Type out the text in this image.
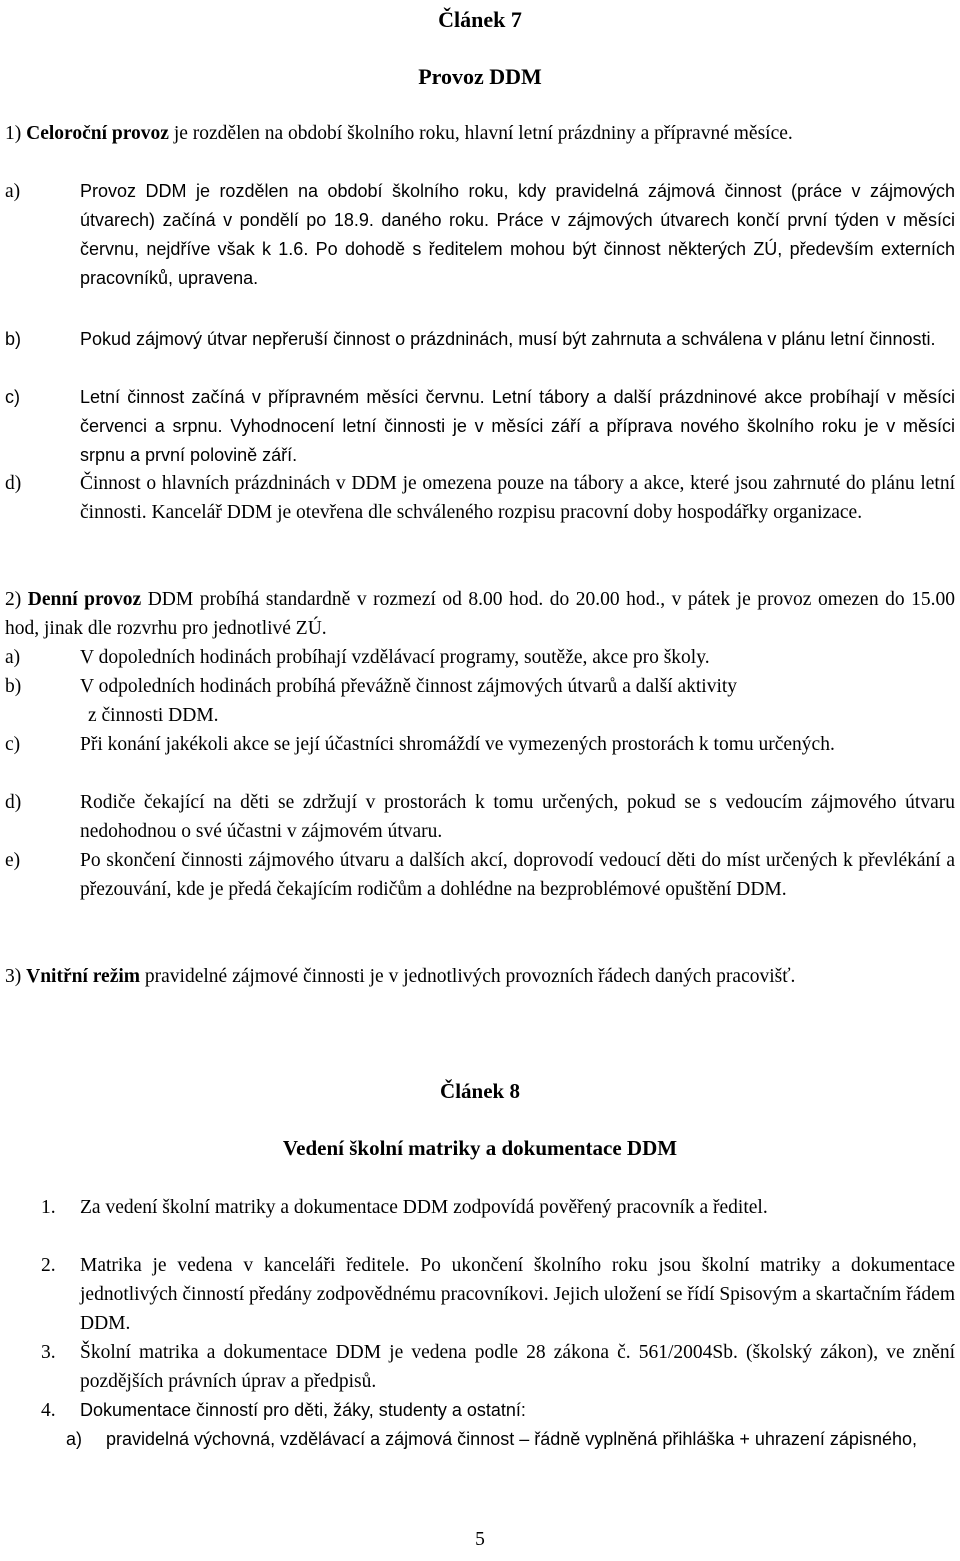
Článek 7
Provoz DDM

1) Celoroční provoz je rozdělen na období školního roku, hlavní letní prázdniny a přípravné měsíce.

a)	Provoz DDM je rozdělen na období školního roku, kdy pravidelná zájmová činnost (práce v zájmových útvarech) začíná v pondělí po 18.9. daného roku. Práce v zájmových útvarech končí první týden v měsíci červnu, nejdříve však k 1.6. Po dohodě s ředitelem mohou být činnost některých ZÚ, především externích pracovníků, upravena.
b)	Pokud zájmový útvar nepřeruší činnost o prázdninách, musí být zahrnuta a schválena v plánu letní činnosti.
c)	Letní činnost začíná v přípravném měsíci červnu. Letní tábory a další prázdninové akce probíhají v měsíci červenci a srpnu. Vyhodnocení letní činnosti je v měsíci září a příprava nového školního roku je v měsíci srpnu a první polovině září.
d)	Činnost o hlavních prázdninách v DDM je omezena pouze na tábory a akce, které jsou zahrnuté do plánu letní činnosti. Kancelář DDM je otevřena dle schváleného rozpisu pracovní doby hospodářky organizace.

2) Denní provoz DDM probíhá standardně v rozmezí od 8.00 hod. do 20.00 hod., v pátek je provoz omezen do 15.00 hod, jinak dle rozvrhu pro jednotlivé ZÚ.

a)	V dopoledních hodinách probíhají vzdělávací programy, soutěže, akce pro školy.
b)	V odpoledních hodinách probíhá převážně činnost zájmových útvarů a další aktivity
z činnosti DDM.
c)	Při konání jakékoli akce se její účastníci shromáždí ve vymezených prostorách k tomu určených.
d)	Rodiče čekající na děti se zdržují v prostorách k tomu určených, pokud se s vedoucím zájmového útvaru nedohodnou o své účastni v zájmovém útvaru.
e)	Po skončení činnosti zájmového útvaru a dalších akcí, doprovodí vedoucí děti do míst určených k převlékání a přezouvání, kde je předá čekajícím rodičům a dohlédne na bezproblémové opuštění DDM.

3) Vnitřní režim pravidelné zájmové činnosti je v jednotlivých provozních řádech daných pracovišť.

Článek 8
Vedení školní matriky a dokumentace DDM
1. Za vedení školní matriky a dokumentace DDM zodpovídá pověřený pracovník a ředitel.
2. Matrika je vedena v kanceláři ředitele. Po ukončení školního roku jsou školní matriky a dokumentace jednotlivých činností předány zodpovědnému pracovníkovi. Jejich uložení se řídí Spisovým a skartačním řádem DDM.
3. Školní matrika a dokumentace DDM je vedena podle 28 zákona č. 561/2004Sb. (školský zákon), ve znění pozdějších právních úprav a předpisů.
4. Dokumentace činností pro děti, žáky, studenty a ostatní:
a) pravidelná výchovná, vzdělávací a zájmová činnost – řádně vyplněná přihláška + uhrazení zápisného,
5
